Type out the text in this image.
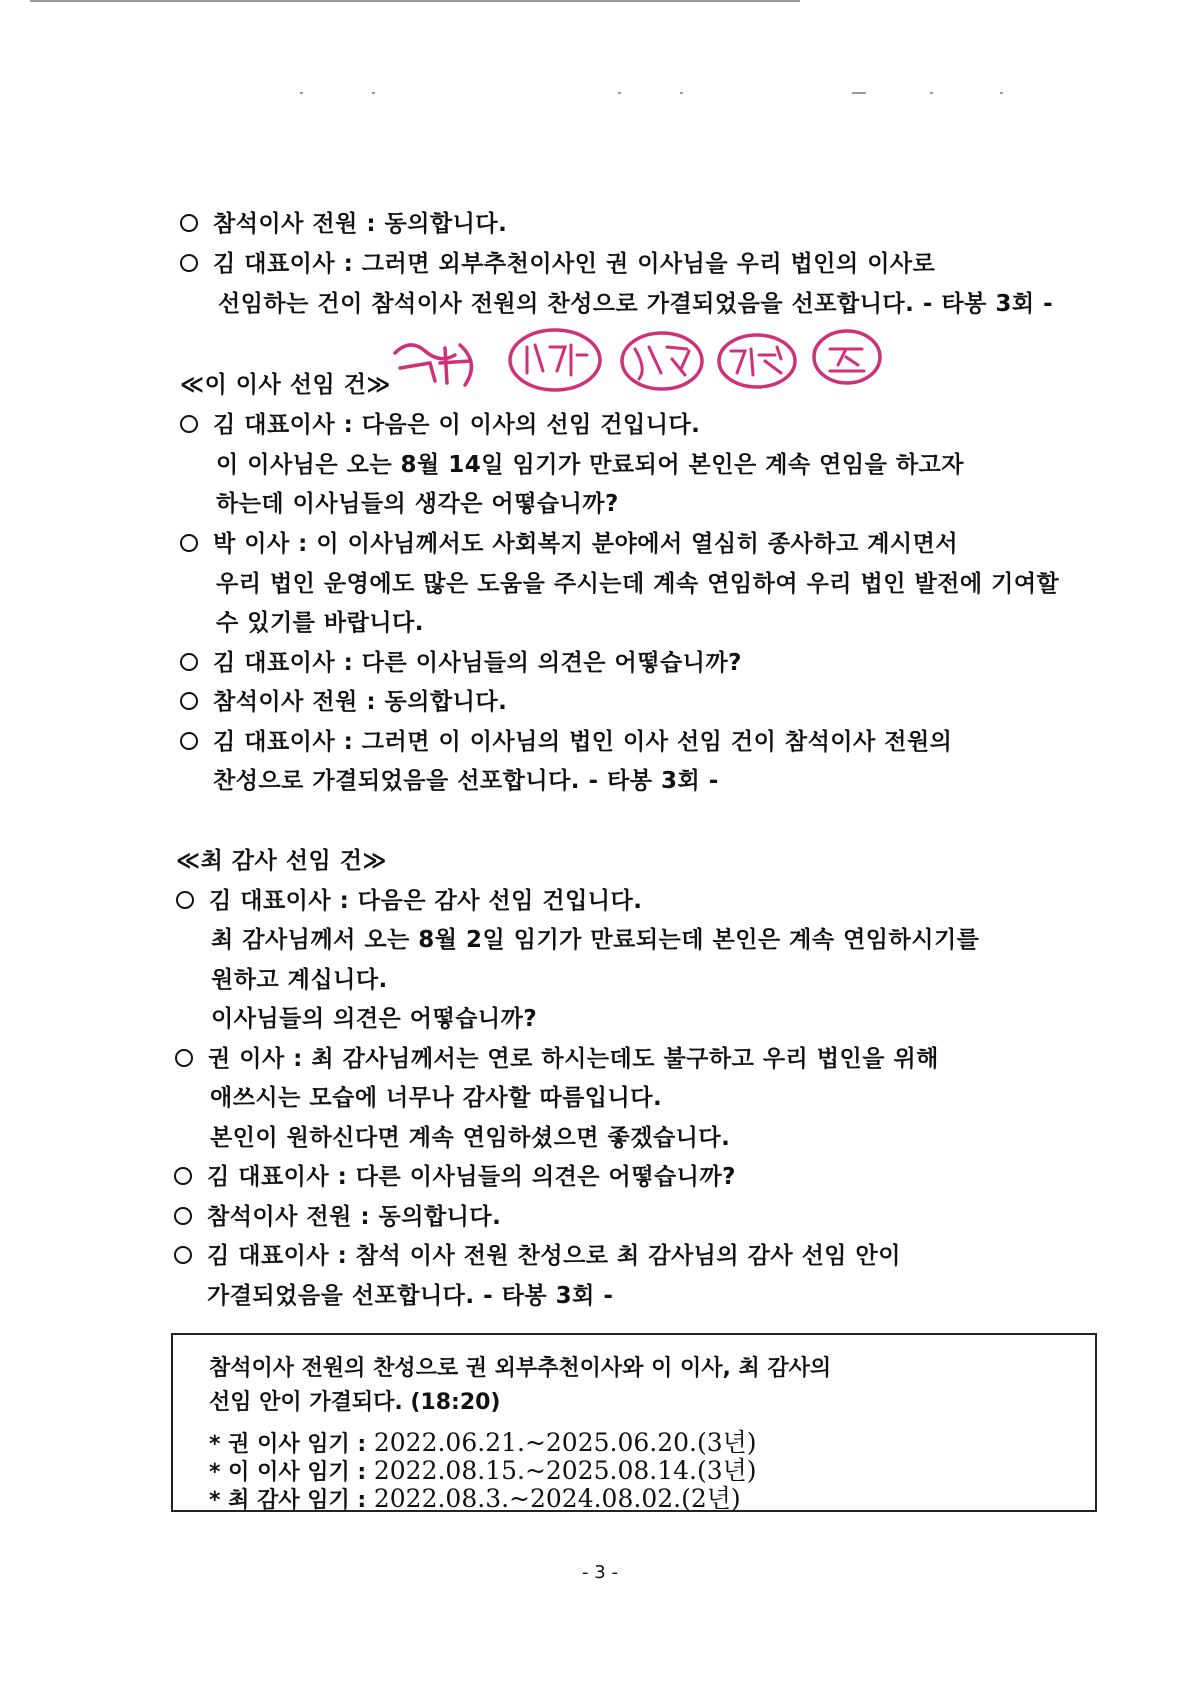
참석이사 전원 : 동의합니다.
김 대표이사 : 그러면 외부추천이사인 권 이사님을 우리 법인의 이사로
선임하는 건이 참석이사 전원의 찬성으로 가결되었음을 선포합니다. - 타봉 3회 -
≪이 이사 선임 건≫
김 대표이사 : 다음은 이 이사의 선임 건입니다.
이 이사님은 오는 8월 14일 임기가 만료되어 본인은 계속 연임을 하고자
하는데 이사님들의 생각은 어떻습니까?
박 이사 : 이 이사님께서도 사회복지 분야에서 열심히 종사하고 계시면서
우리 법인 운영에도 많은 도움을 주시는데 계속 연임하여 우리 법인 발전에 기여할
수 있기를 바랍니다.
김 대표이사 : 다른 이사님들의 의견은 어떻습니까?
참석이사 전원 : 동의합니다.
김 대표이사 : 그러면 이 이사님의 법인 이사 선임 건이 참석이사 전원의
찬성으로 가결되었음을 선포합니다. - 타봉 3회 -
≪최 감사 선임 건≫
김 대표이사 : 다음은 감사 선임 건입니다.
최 감사님께서 오는 8월 2일 임기가 만료되는데 본인은 계속 연임하시기를
원하고 계십니다.
이사님들의 의견은 어떻습니까?
권 이사 : 최 감사님께서는 연로 하시는데도 불구하고 우리 법인을 위해
애쓰시는 모습에 너무나 감사할 따름입니다.
본인이 원하신다면 계속 연임하셨으면 좋겠습니다.
김 대표이사 : 다른 이사님들의 의견은 어떻습니까?
참석이사 전원 : 동의합니다.
김 대표이사 : 참석 이사 전원 찬성으로 최 감사님의 감사 선임 안이
가결되었음을 선포합니다. - 타봉 3회 -
참석이사 전원의 찬성으로 권 외부추천이사와 이 이사, 최 감사의
선임 안이 가결되다. (18:20)
* 권 이사 임기 : 2022.06.21.~2025.06.20.(3년)
* 이 이사 임기 : 2022.08.15.~2025.08.14.(3년)
* 최 감사 임기 : 2022.08.3.~2024.08.02.(2년)
- 3 -
